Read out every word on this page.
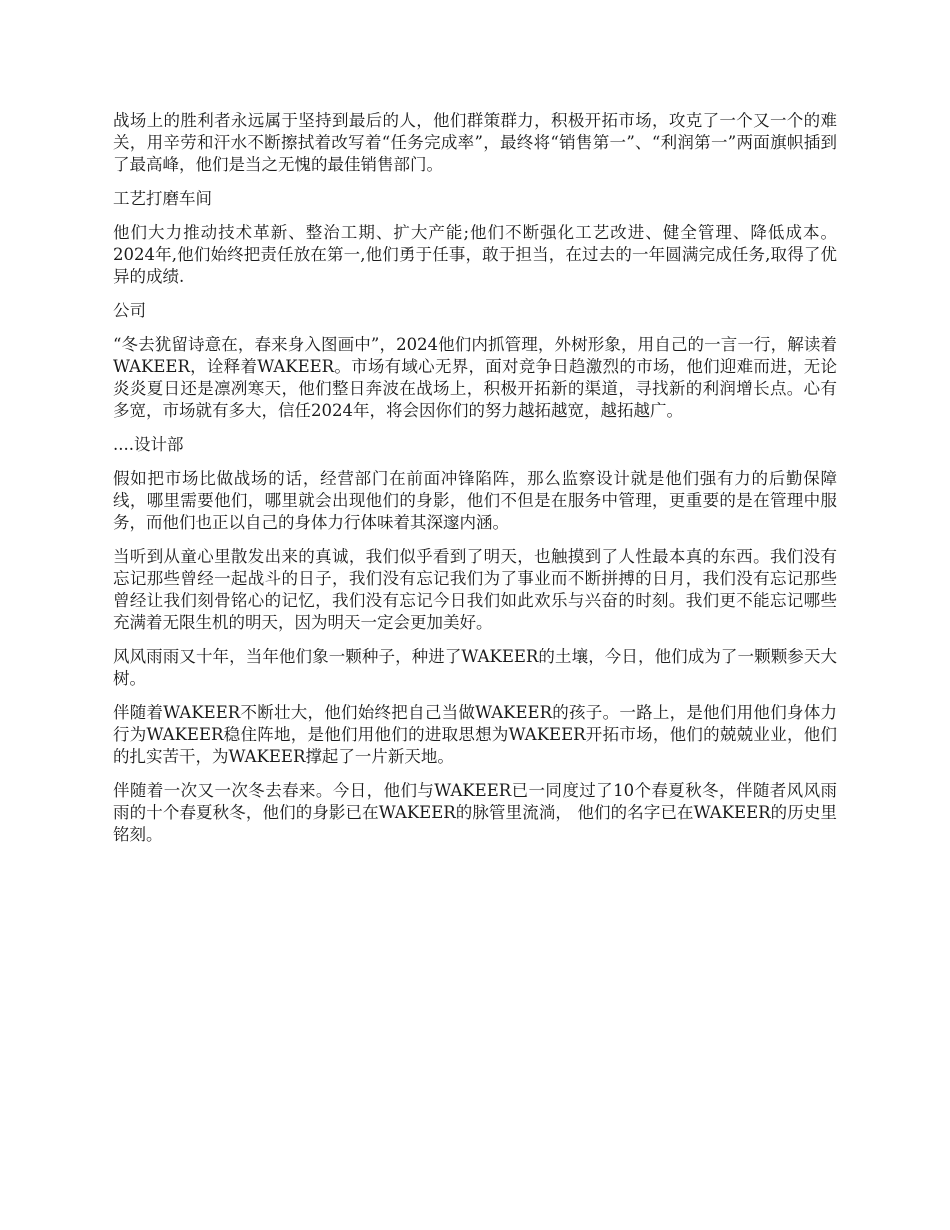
战场上的胜利者永远属于坚持到最后的人，他们群策群力，积极开拓市场，攻克了一个又一个的难关，用辛劳和汗水不断擦拭着改写着“任务完成率”，最终将“销售第一”、“利润第一”两面旗帜插到了最高峰，他们是当之无愧的最佳销售部门。

工艺打磨车间

他们大力推动技术革新、整治工期、扩大产能;他们不断强化工艺改进、健全管理、降低成本。2024年,他们始终把责任放在第一,他们勇于任事，敢于担当，在过去的一年圆满完成任务,取得了优异的成绩.

公司

“冬去犹留诗意在，春来身入图画中”，2024他们内抓管理，外树形象，用自己的一言一行，解读着WAKEER，诠释着WAKEER。市场有域心无界，面对竞争日趋激烈的市场，他们迎难而进，无论炎炎夏日还是凛冽寒天，他们整日奔波在战场上，积极开拓新的渠道，寻找新的利润增长点。心有多宽，市场就有多大，信任2024年，将会因你们的努力越拓越宽，越拓越广。

....设计部

假如把市场比做战场的话，经营部门在前面冲锋陷阵，那么监察设计就是他们强有力的后勤保障线，哪里需要他们，哪里就会出现他们的身影，他们不但是在服务中管理，更重要的是在管理中服务，而他们也正以自己的身体力行体味着其深邃内涵。

当听到从童心里散发出来的真诚，我们似乎看到了明天，也触摸到了人性最本真的东西。我们没有忘记那些曾经一起战斗的日子，我们没有忘记我们为了事业而不断拼搏的日月，我们没有忘记那些曾经让我们刻骨铭心的记忆，我们没有忘记今日我们如此欢乐与兴奋的时刻。我们更不能忘记哪些充满着无限生机的明天，因为明天一定会更加美好。

风风雨雨又十年，当年他们象一颗种子，种进了WAKEER的土壤，今日，他们成为了一颗颗参天大树。

伴随着WAKEER不断壮大，他们始终把自己当做WAKEER的孩子。一路上，是他们用他们身体力行为WAKEER稳住阵地，是他们用他们的进取思想为WAKEER开拓市场，他们的兢兢业业，他们的扎实苦干，为WAKEER撑起了一片新天地。

伴随着一次又一次冬去春来。今日，他们与WAKEER已一同度过了10个春夏秋冬，伴随者风风雨雨的十个春夏秋冬，他们的身影已在WAKEER的脉管里流淌， 他们的名字已在WAKEER的历史里铭刻。
